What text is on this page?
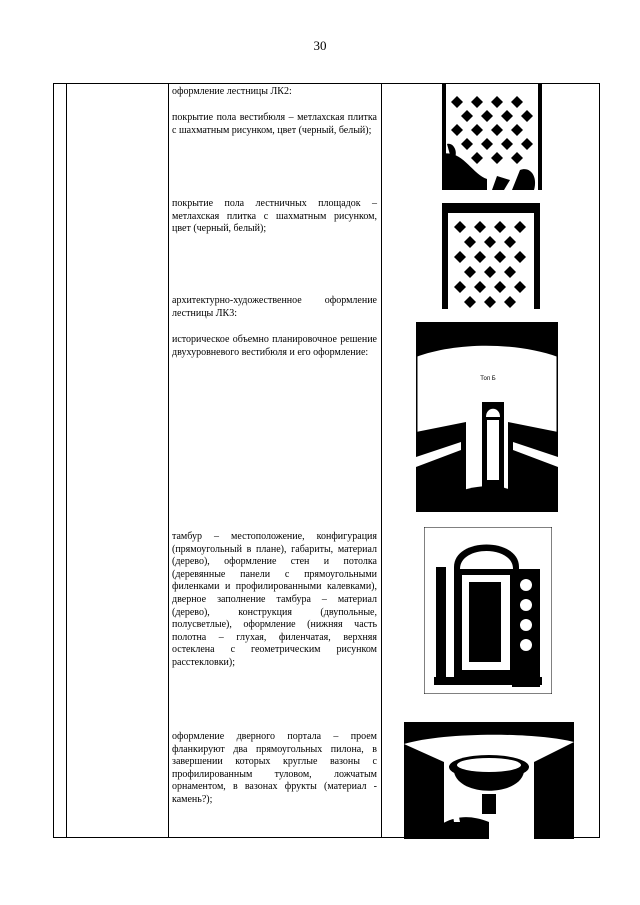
30
оформление лестницы ЛК2:
покрытие пола вестибюля – метлахская плитка с шахматным рисунком, цвет (черный, белый);
покрытие пола лестничных площадок – метлахская плитка с шахматным рисунком, цвет (черный, белый);
архитектурно-художественное оформление лестницы ЛК3:
историческое объемно планировочное решение двухуровневого вестибюля и его оформление:
тамбур – местоположение, конфигурация (прямоугольный в плане), габариты, материал (дерево), оформление стен и потолка (деревянные панели с прямоугольными филенками и профилированными калевками), дверное заполнение тамбура – материал (дерево), конструкция (двупольные, полусветлые), оформление (нижняя часть полотна – глухая, филенчатая, верхняя остеклена с геометрическим рисунком расстекловки);
оформление дверного портала – проем фланкируют два прямоугольных пилона, в завершении которых круглые вазоны с профилированным туловом, ложчатым орнаментом, в вазонах фрукты (материал - камень?);
Топ Б
